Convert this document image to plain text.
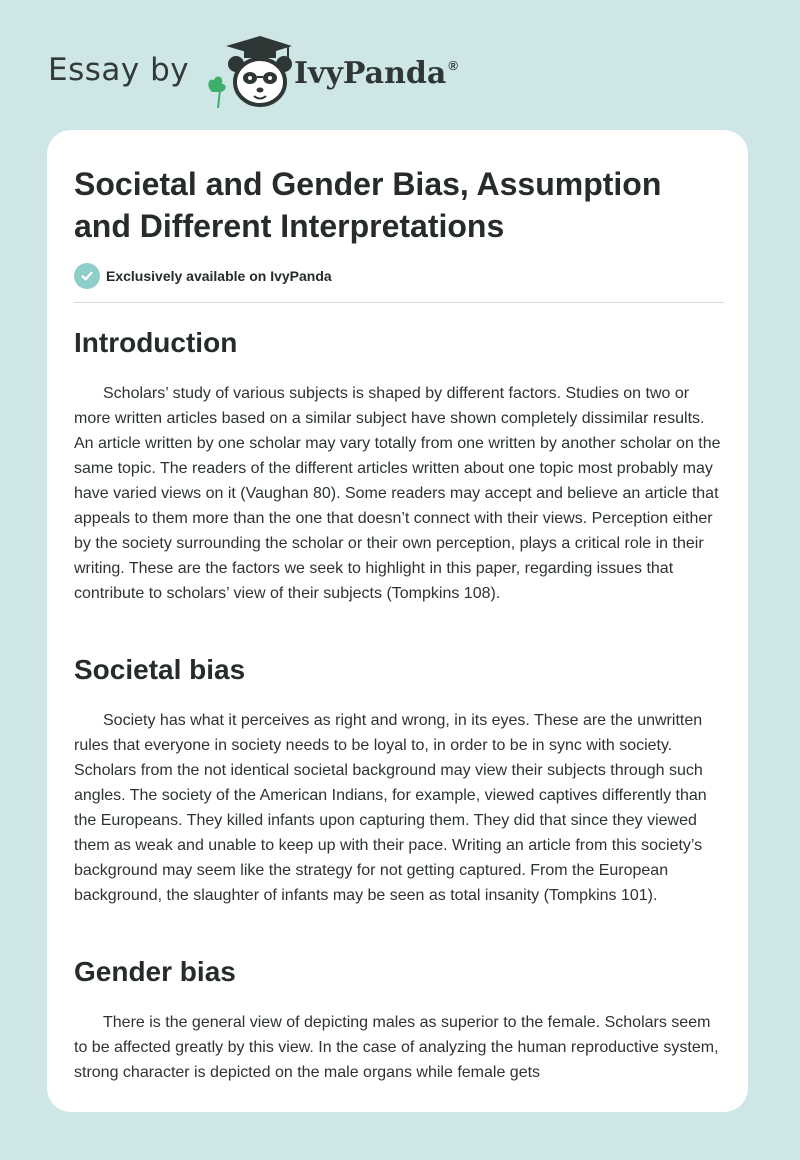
Essay by	IvyPanda ®
Societal and Gender Bias, Assumption and Different Interpretations
Exclusively available on IvyPanda
Introduction

Scholars’ study of various subjects is shaped by different factors. Studies on two or more written articles based on a similar subject have shown completely dissimilar results. An article written by one scholar may vary totally from one written by another scholar on the same topic. The readers of the different articles written about one topic most probably may have varied views on it (Vaughan 80). Some readers may accept and believe an article that appeals to them more than the one that doesn’t connect with their views. Perception either by the society surrounding the scholar or their own perception, plays a critical role in their writing. These are the factors we seek to highlight in this paper, regarding issues that contribute to scholars’ view of their subjects (Tompkins 108).

Societal bias

Society has what it perceives as right and wrong, in its eyes. These are the unwritten rules that everyone in society needs to be loyal to, in order to be in sync with society. Scholars from the not identical societal background may view their subjects through such angles. The society of the American Indians, for example, viewed captives differently than the Europeans. They killed infants upon capturing them. They did that since they viewed them as weak and unable to keep up with their pace. Writing an article from this society’s background may seem like the strategy for not getting captured. From the European background, the slaughter of infants may be seen as total insanity (Tompkins 101).

Gender bias

There is the general view of depicting males as superior to the female. Scholars seem to be affected greatly by this view. In the case of analyzing the human reproductive system, strong character is depicted on the male organs while female gets
